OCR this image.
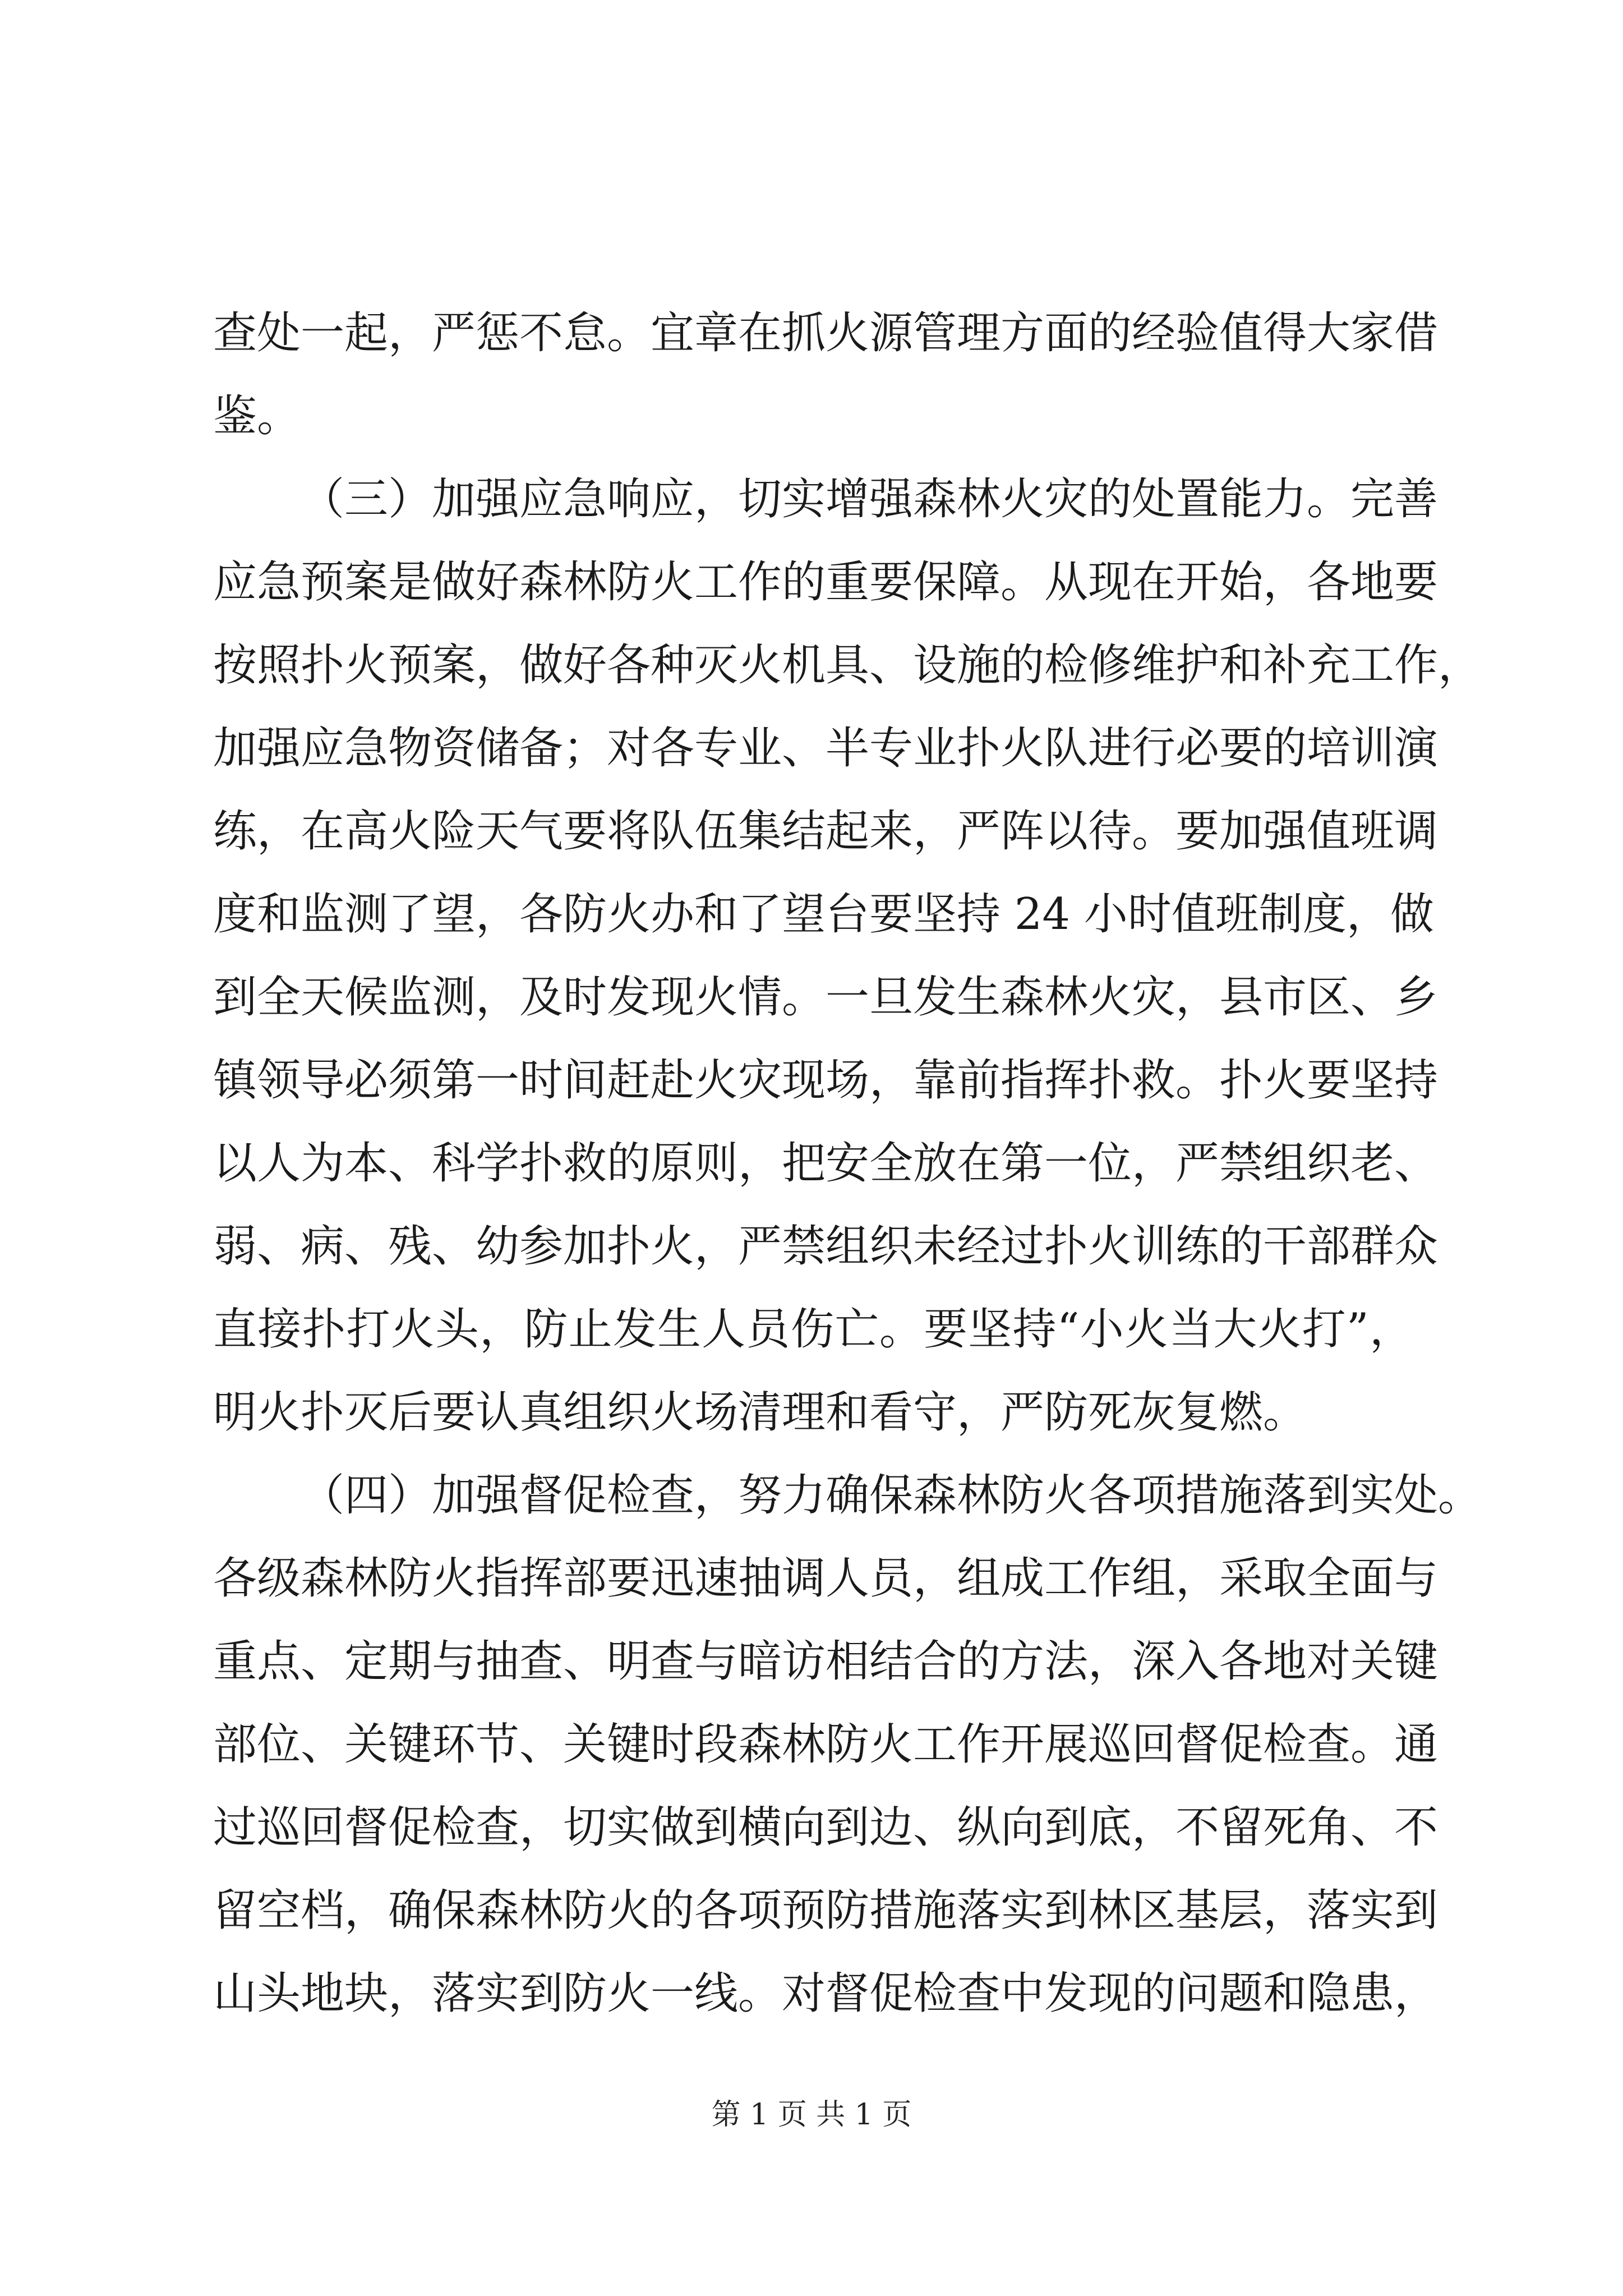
查处一起，严惩不怠。宜章在抓火源管理方面的经验值得大家借
鉴。
（三）加强应急响应，切实增强森林火灾的处置能力。完善
应急预案是做好森林防火工作的重要保障。从现在开始，各地要
按照扑火预案，做好各种灭火机具、设施的检修维护和补充工作，
加强应急物资储备；对各专业、半专业扑火队进行必要的培训演
练，在高火险天气要将队伍集结起来，严阵以待。要加强值班调
度和监测了望，各防火办和了望台要坚持 24 小时值班制度，做
到全天候监测，及时发现火情。一旦发生森林火灾，县市区、乡
镇领导必须第一时间赶赴火灾现场，靠前指挥扑救。扑火要坚持
以人为本、科学扑救的原则，把安全放在第一位，严禁组织老、
弱、病、残、幼参加扑火，严禁组织未经过扑火训练的干部群众
直接扑打火头，防止发生人员伤亡。要坚持“小火当大火打”，
明火扑灭后要认真组织火场清理和看守，严防死灰复燃。
（四）加强督促检查，努力确保森林防火各项措施落到实处。
各级森林防火指挥部要迅速抽调人员，组成工作组，采取全面与
重点、定期与抽查、明查与暗访相结合的方法，深入各地对关键
部位、关键环节、关键时段森林防火工作开展巡回督促检查。通
过巡回督促检查，切实做到横向到边、纵向到底，不留死角、不
留空档，确保森林防火的各项预防措施落实到林区基层，落实到
山头地块，落实到防火一线。对督促检查中发现的问题和隐患，
第 1 页 共 1 页
